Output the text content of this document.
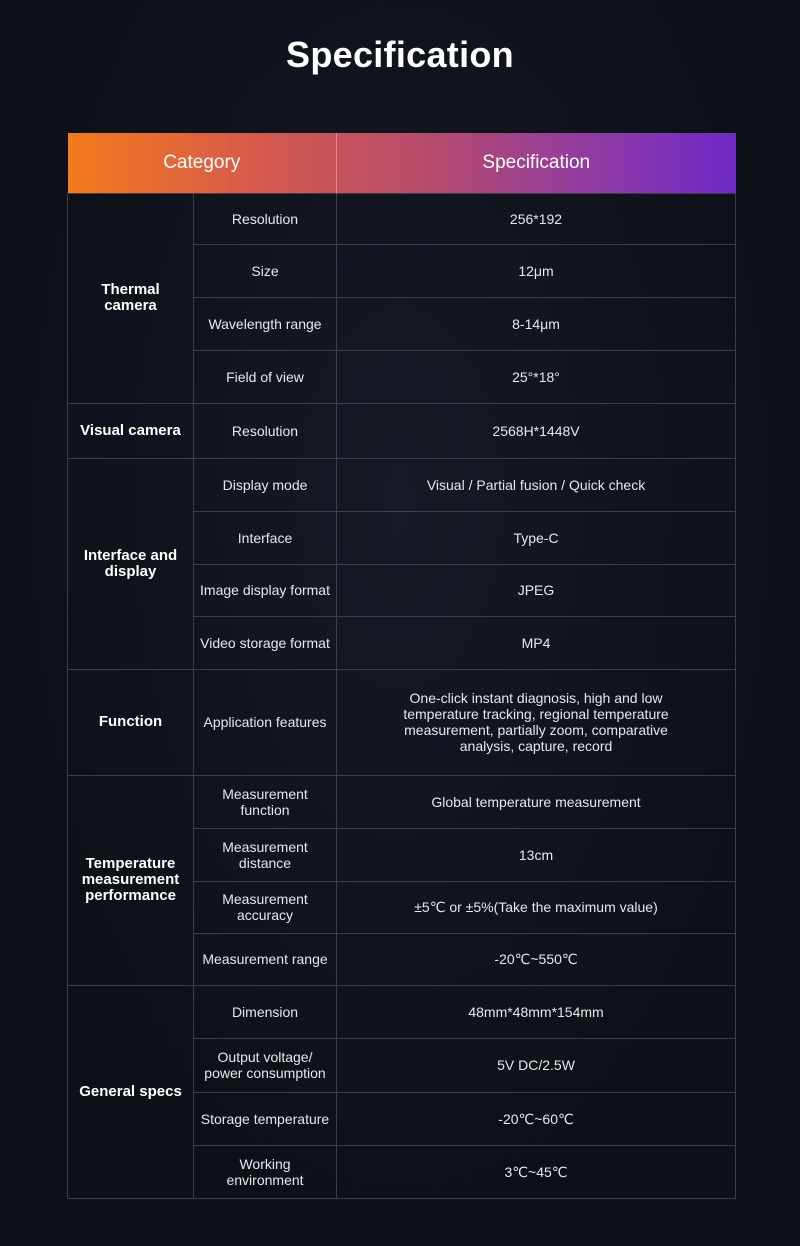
Specification
Category		Specification
Thermal camera	Resolution	256*192
	Size	12μm
	Wavelength range	8-14μm
	Field of view	25°*18°
Visual camera	Resolution	2568H*1448V
Interface and display	Display mode	Visual / Partial fusion / Quick check
	Interface	Type-C
	Image display format	JPEG
	Video storage format	MP4
Function	Application features	One-click instant diagnosis, high and low temperature tracking, regional temperature measurement, partially zoom, comparative analysis, capture, record
Temperature measurement performance	Measurement function	Global temperature measurement
	Measurement distance	13cm
	Measurement accuracy	±5℃ or ±5%(Take the maximum value)
	Measurement range	-20℃~550℃
General specs	Dimension	48mm*48mm*154mm
	Output voltage/ power consumption	5V DC/2.5W
	Storage temperature	-20℃~60℃
	Working environment	3℃~45℃
